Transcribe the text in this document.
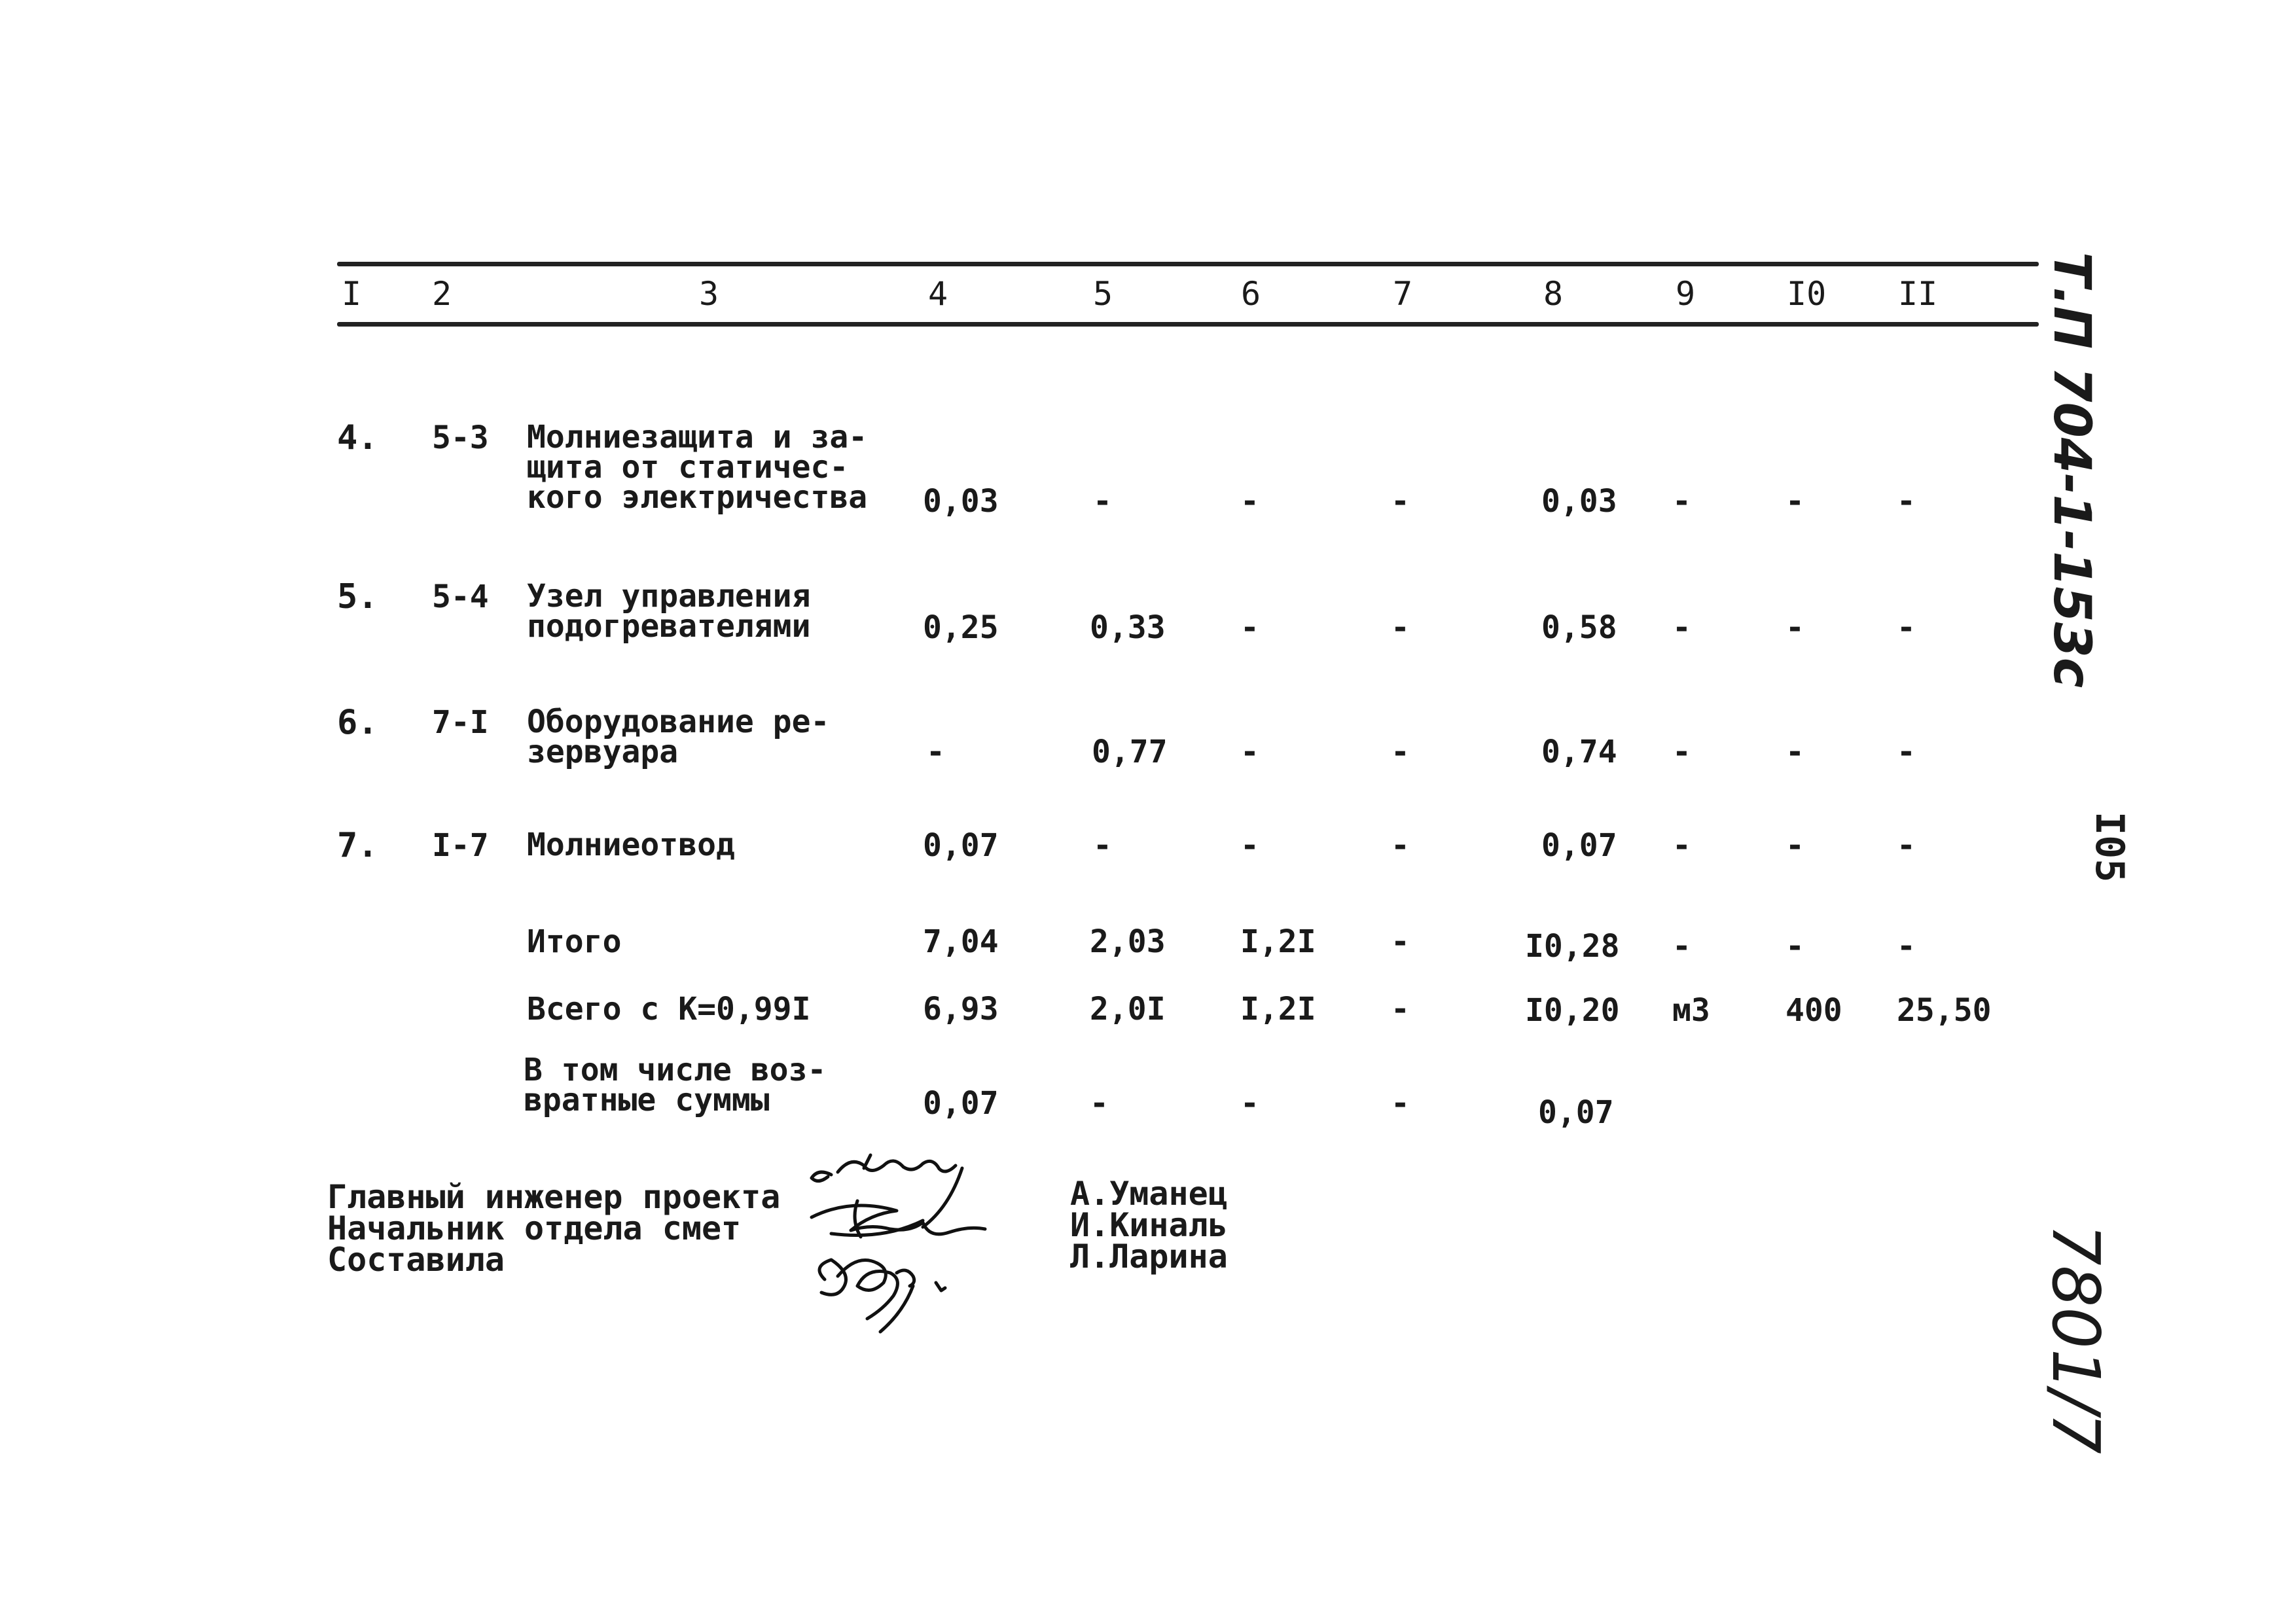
I 2	3	4	5	6	7	8	9	I0 II
4. 5-3 Молниезащита и за-
щита от статичес-
кого электричества 0,03	-	-	-	0,03 -	-	-
5. 5-4 Узел управления
подогревателями	0,25	0,33 -	-	0,58 -	-	-
6. 7-I Оборудование ре-
зервуара	-	0,77 -	-	0,74 -	-	-
7. I-7 Молниеотвод	0,07	-	-	-	0,07 -	-	-
Итого	7,04	2,03 I,2I -	I0,28 -	-	-
Всего с К=0,99I	6,93	2,0I I,2I -	I0,20 м3 400 25,50
В том числе воз-
вратные суммы	0,07	-	-	-	0,07
Главный инженер проекта
Начальник отдела смет
Составила
А.Уманец
И.Киналь
Л.Ларина
Т.П 704-1-153с
I05
7801/7
